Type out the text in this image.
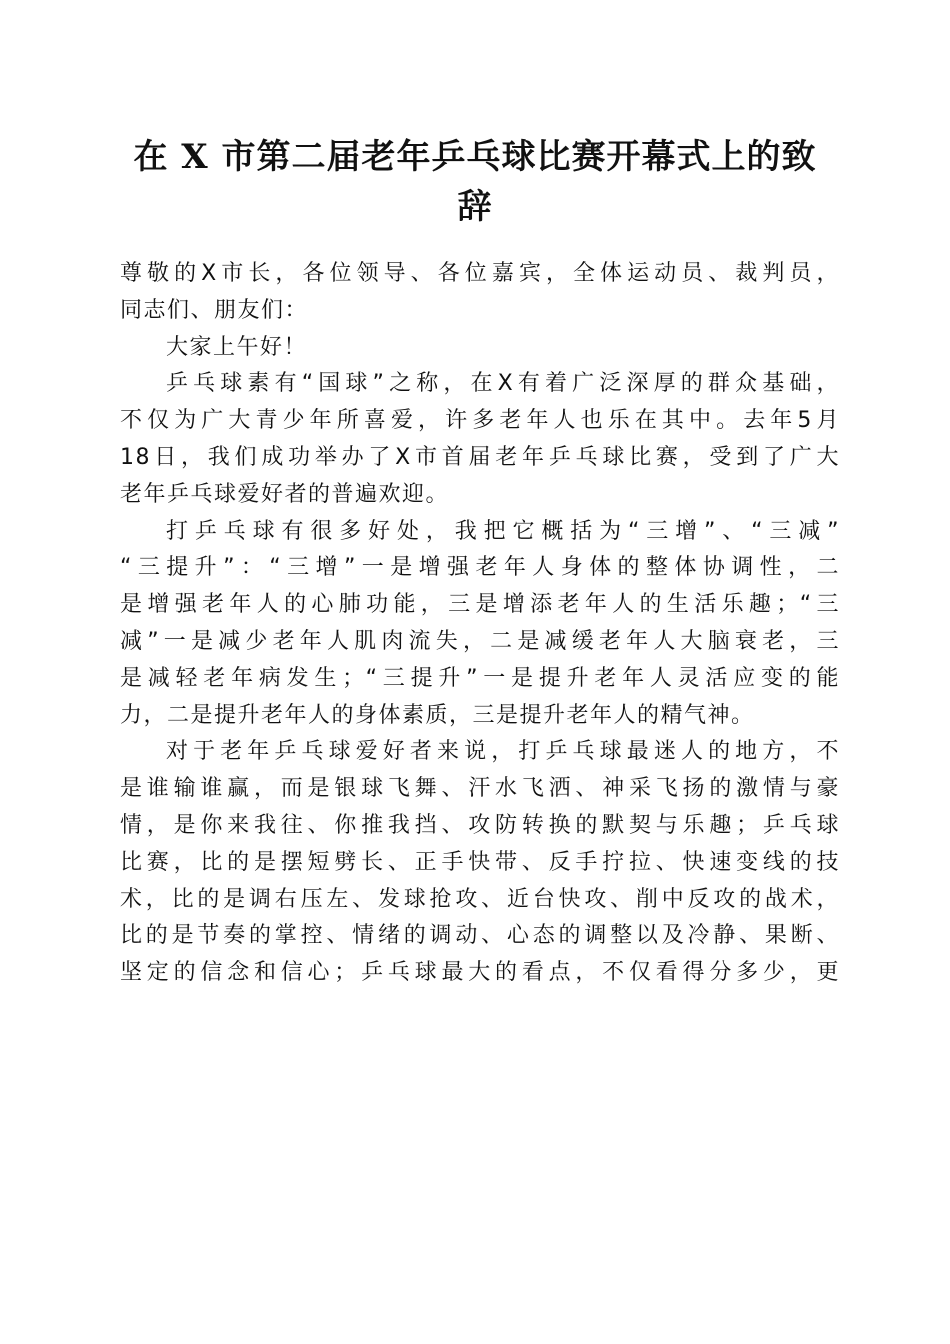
在 X 市第二届老年乒乓球比赛开幕式上的致
辞
尊敬的X市长，各位领导、各位嘉宾，全体运动员、裁判员，
同志们、朋友们：
大家上午好！
乒乓球素有“国球”之称，在X有着广泛深厚的群众基础，
不仅为广大青少年所喜爱，许多老年人也乐在其中。去年5月
18日，我们成功举办了X市首届老年乒乓球比赛，受到了广大
老年乒乓球爱好者的普遍欢迎。
打乒乓球有很多好处，我把它概括为“三增”、“三减”
“三提升”：“三增”一是增强老年人身体的整体协调性，二
是增强老年人的心肺功能，三是增添老年人的生活乐趣；“三
减”一是减少老年人肌肉流失，二是减缓老年人大脑衰老，三
是减轻老年病发生；“三提升”一是提升老年人灵活应变的能
力，二是提升老年人的身体素质，三是提升老年人的精气神。
对于老年乒乓球爱好者来说，打乒乓球最迷人的地方，不
是谁输谁赢，而是银球飞舞、汗水飞洒、神采飞扬的激情与豪
情，是你来我往、你推我挡、攻防转换的默契与乐趣；乒乓球
比赛，比的是摆短劈长、正手快带、反手拧拉、快速变线的技
术，比的是调右压左、发球抢攻、近台快攻、削中反攻的战术，
比的是节奏的掌控、情绪的调动、心态的调整以及冷静、果断、
坚定的信念和信心；乒乓球最大的看点，不仅看得分多少，更
